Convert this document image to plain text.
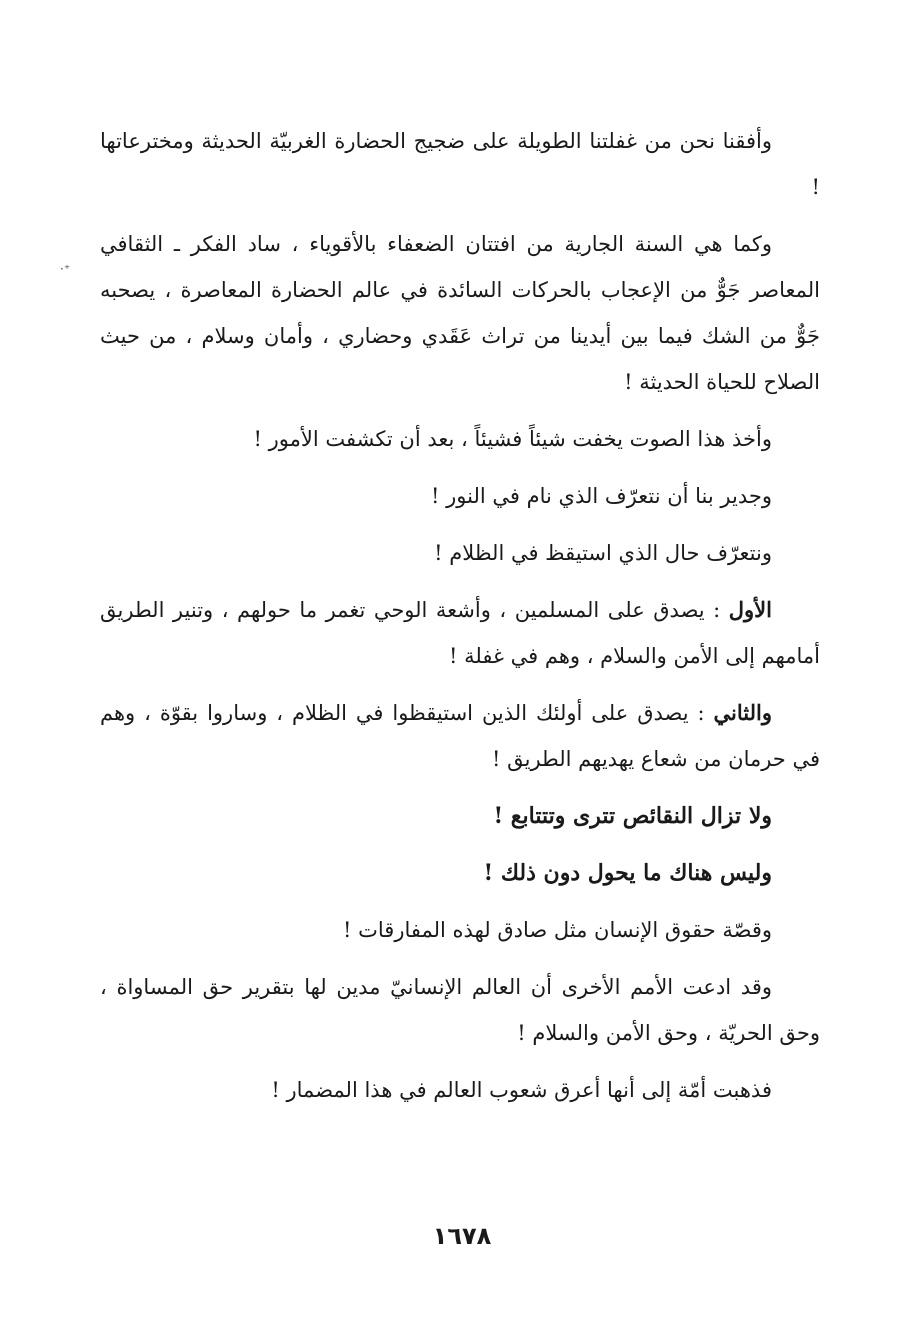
·⁺

وأفقنا نحن من غفلتنا الطويلة على ضجيج الحضارة الغربيّة الحديثة ومخترعاتها !

وكما هي السنة الجارية من افتتان الضعفاء بالأقوياء ، ساد الفكر ـ الثقافي المعاصر جَوٌّ من الإعجاب بالحركات السائدة في عالم الحضارة المعاصرة ، يصحبه جَوٌّ من الشك فيما بين أيدينا من تراث عَقَدي وحضاري ، وأمان وسلام ، من حيث الصلاح للحياة الحديثة !

وأخذ هذا الصوت يخفت شيئاً فشيئاً ، بعد أن تكشفت الأمور !

وجدير بنا أن نتعرّف الذي نام في النور !

ونتعرّف حال الذي استيقظ في الظلام !

الأول : يصدق على المسلمين ، وأشعة الوحي تغمر ما حولهم ، وتنير الطريق أمامهم إلى الأمن والسلام ، وهم في غفلة !

والثاني : يصدق على أولئك الذين استيقظوا في الظلام ، وساروا بقوّة ، وهم في حرمان من شعاع يهديهم الطريق !

ولا تزال النقائص تترى وتتتابع !

وليس هناك ما يحول دون ذلك !

وقصّة حقوق الإنسان مثل صادق لهذه المفارقات !

وقد ادعت الأمم الأخرى أن العالم الإنسانيّ مدين لها بتقرير حق المساواة ، وحق الحريّة ، وحق الأمن والسلام !

فذهبت أمّة إلى أنها أعرق شعوب العالم في هذا المضمار !

١٦٧٨
